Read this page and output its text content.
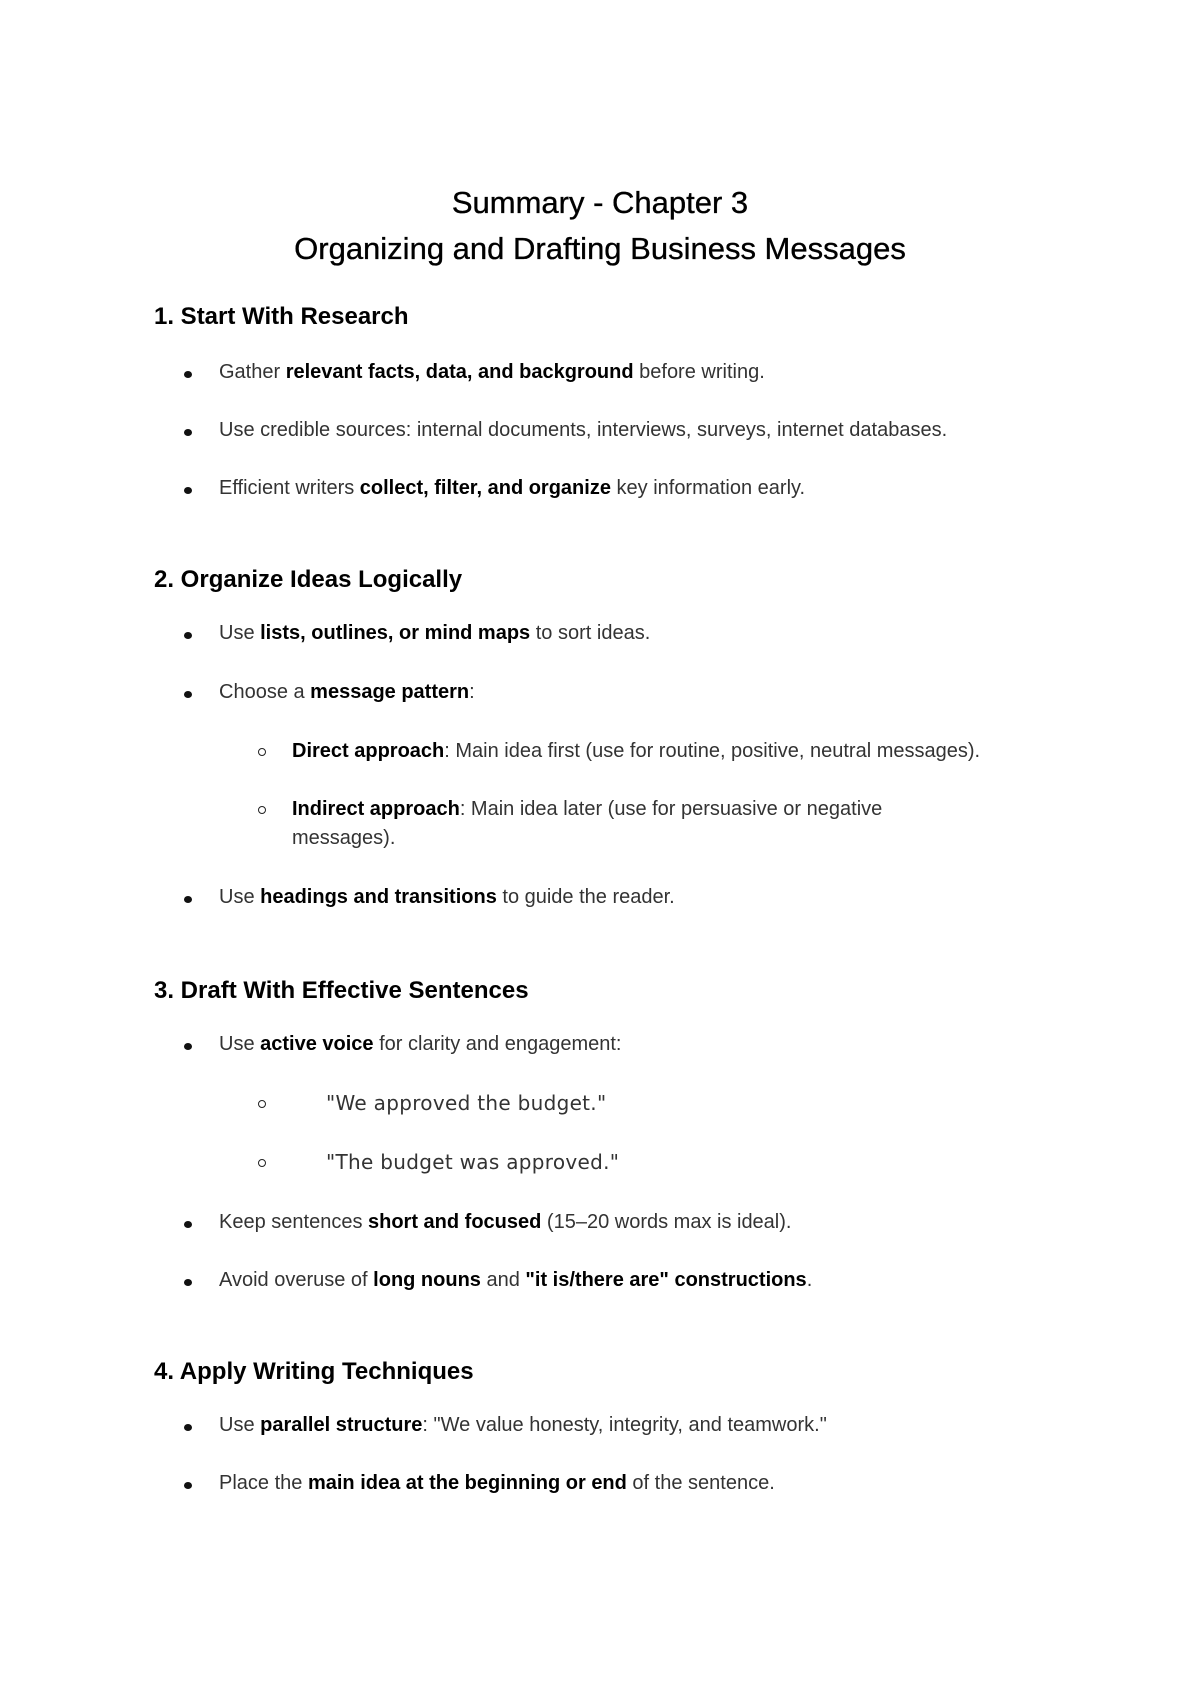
Summary - Chapter 3
Organizing and Drafting Business Messages
1. Start With Research
Gather relevant facts, data, and background before writing.
Use credible sources: internal documents, interviews, surveys, internet databases.
Efficient writers collect, filter, and organize key information early.
2. Organize Ideas Logically
Use lists, outlines, or mind maps to sort ideas.
Choose a message pattern:
Direct approach: Main idea first (use for routine, positive, neutral messages).
Indirect approach: Main idea later (use for persuasive or negative
messages).
Use headings and transitions to guide the reader.
3. Draft With Effective Sentences
Use active voice for clarity and engagement:
"We approved the budget."
"The budget was approved."
Keep sentences short and focused (15–20 words max is ideal).
Avoid overuse of long nouns and "it is/there are" constructions.
4. Apply Writing Techniques
Use parallel structure: "We value honesty, integrity, and teamwork."
Place the main idea at the beginning or end of the sentence.
